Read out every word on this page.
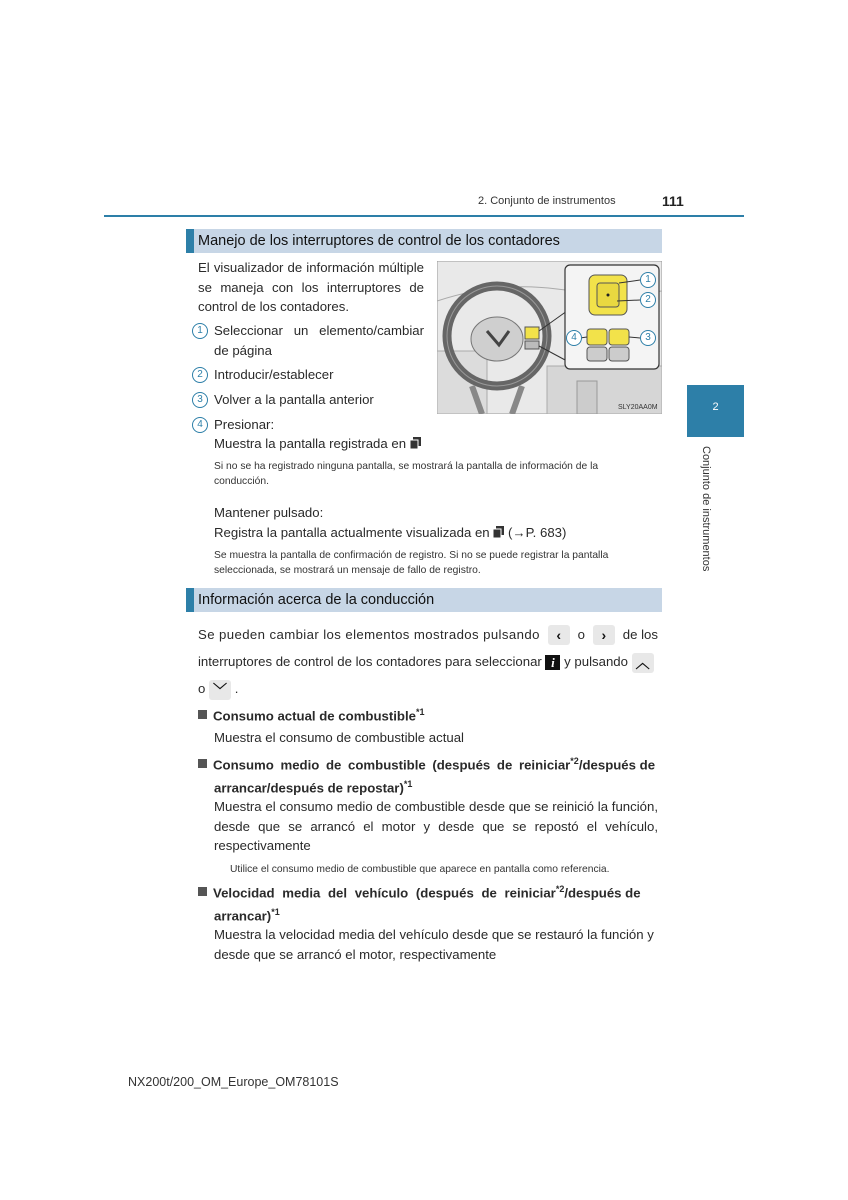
2. Conjunto de instrumentos	111
2
Conjunto de instrumentos
Manejo de los interruptores de control de los contadores
El visualizador de información múltiple
se maneja con los interruptores de
control de los contadores.
1 Seleccionar un elemento/cambiar
de página
2 Introducir/establecer
3 Volver a la pantalla anterior
4 Presionar:
Muestra la pantalla registrada en
Si no se ha registrado ninguna pantalla, se mostrará la pantalla de información de la
conducción.
Mantener pulsado:
Registra la pantalla actualmente visualizada en (→P. 683)
Se muestra la pantalla de confirmación de registro. Si no se puede registrar la pantalla
seleccionada, se mostrará un mensaje de fallo de registro.
1
2
3
4
SLY20AA0M
Información acerca de la conducción
Se pueden cambiar los elementos mostrados pulsando	‹	o	›	de los
interruptores de control de los contadores para seleccionar i y pulsando ︿
o ﹀ .
Consumo actual de combustible$^{*1}$
Muestra el consumo de combustible actual
Consumo medio de combustible (después de reiniciar$^{*2}$/después de
arrancar/después de repostar)$^{*1}$
Muestra el consumo medio de combustible desde que se reinició la función,
desde que se arrancó el motor y desde que se repostó el vehículo,
respectivamente
Utilice el consumo medio de combustible que aparece en pantalla como referencia.
Velocidad media del vehículo (después de reiniciar$^{*2}$/después de
arrancar)$^{*1}$
Muestra la velocidad media del vehículo desde que se restauró la función y
desde que se arrancó el motor, respectivamente
NX200t/200_OM_Europe_OM78101S
